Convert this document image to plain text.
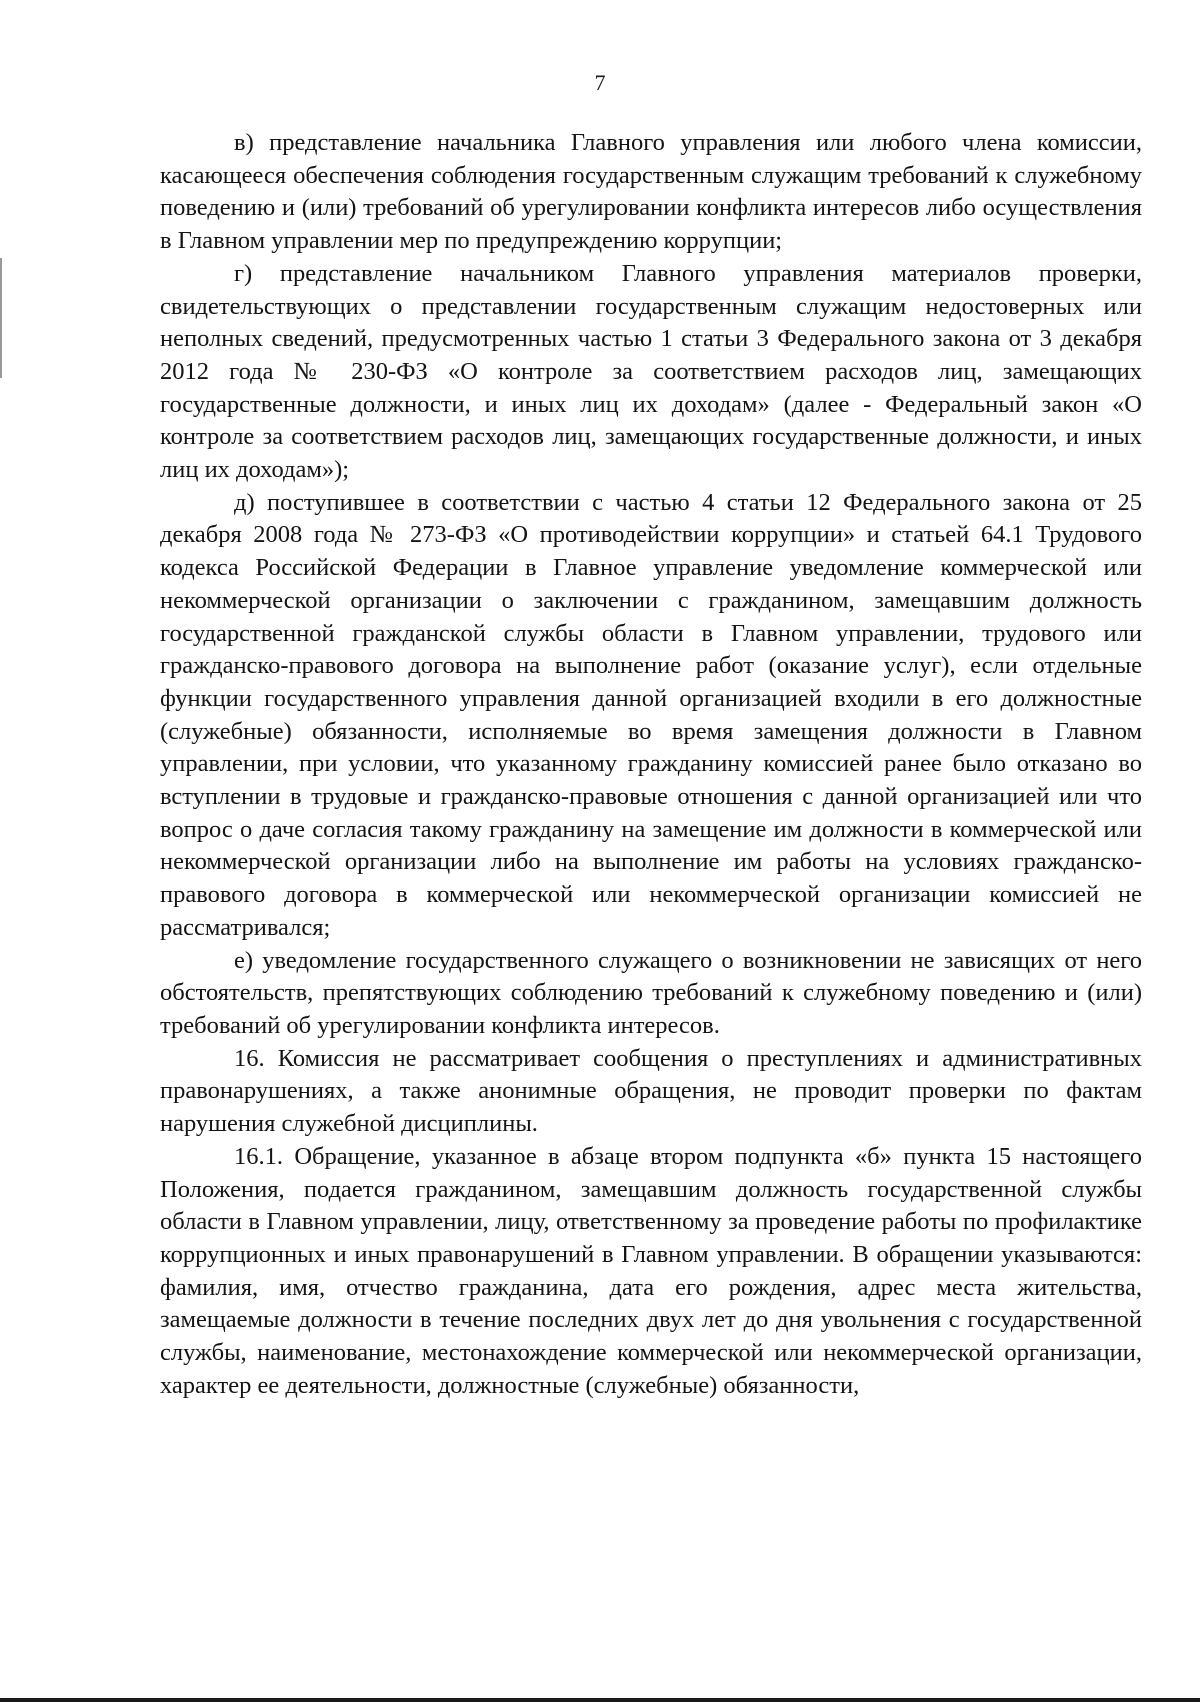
7

в) представление начальника Главного управления или любого члена комиссии, касающееся обеспечения соблюдения государственным служащим требований к служебному поведению и (или) требований об урегулировании конфликта интересов либо осуществления в Главном управлении мер по предупреждению коррупции;

г) представление начальником Главного управления материалов проверки, свидетельствующих о представлении государственным служащим недостоверных или неполных сведений, предусмотренных частью 1 статьи 3 Федерального закона от 3 декабря 2012 года № 230-ФЗ «О контроле за соответствием расходов лиц, замещающих государственные должности, и иных лиц их доходам» (далее - Федеральный закон «О контроле за соответствием расходов лиц, замещающих государственные должности, и иных лиц их доходам»);

д) поступившее в соответствии с частью 4 статьи 12 Федерального закона от 25 декабря 2008 года № 273-ФЗ «О противодействии коррупции» и статьей 64.1 Трудового кодекса Российской Федерации в Главное управление уведомление коммерческой или некоммерческой организации о заключении с гражданином, замещавшим должность государственной гражданской службы области в Главном управлении, трудового или гражданско-правового договора на выполнение работ (оказание услуг), если отдельные функции государственного управления данной организацией входили в его должностные (служебные) обязанности, исполняемые во время замещения должности в Главном управлении, при условии, что указанному гражданину комиссией ранее было отказано во вступлении в трудовые и гражданско-правовые отношения с данной организацией или что вопрос о даче согласия такому гражданину на замещение им должности в коммерческой или некоммерческой организации либо на выполнение им работы на условиях гражданско-правового договора в коммерческой или некоммерческой организации комиссией не рассматривался;

е) уведомление государственного служащего о возникновении не зависящих от него обстоятельств, препятствующих соблюдению требований к служебному поведению и (или) требований об урегулировании конфликта интересов.

16. Комиссия не рассматривает сообщения о преступлениях и административных правонарушениях, а также анонимные обращения, не проводит проверки по фактам нарушения служебной дисциплины.

16.1. Обращение, указанное в абзаце втором подпункта «б» пункта 15 настоящего Положения, подается гражданином, замещавшим должность государственной службы области в Главном управлении, лицу, ответственному за проведение работы по профилактике коррупционных и иных правонарушений в Главном управлении. В обращении указываются: фамилия, имя, отчество гражданина, дата его рождения, адрес места жительства, замещаемые должности в течение последних двух лет до дня увольнения с государственной службы, наименование, местонахождение коммерческой или некоммерческой организации, характер ее деятельности, должностные (служебные) обязанности,
